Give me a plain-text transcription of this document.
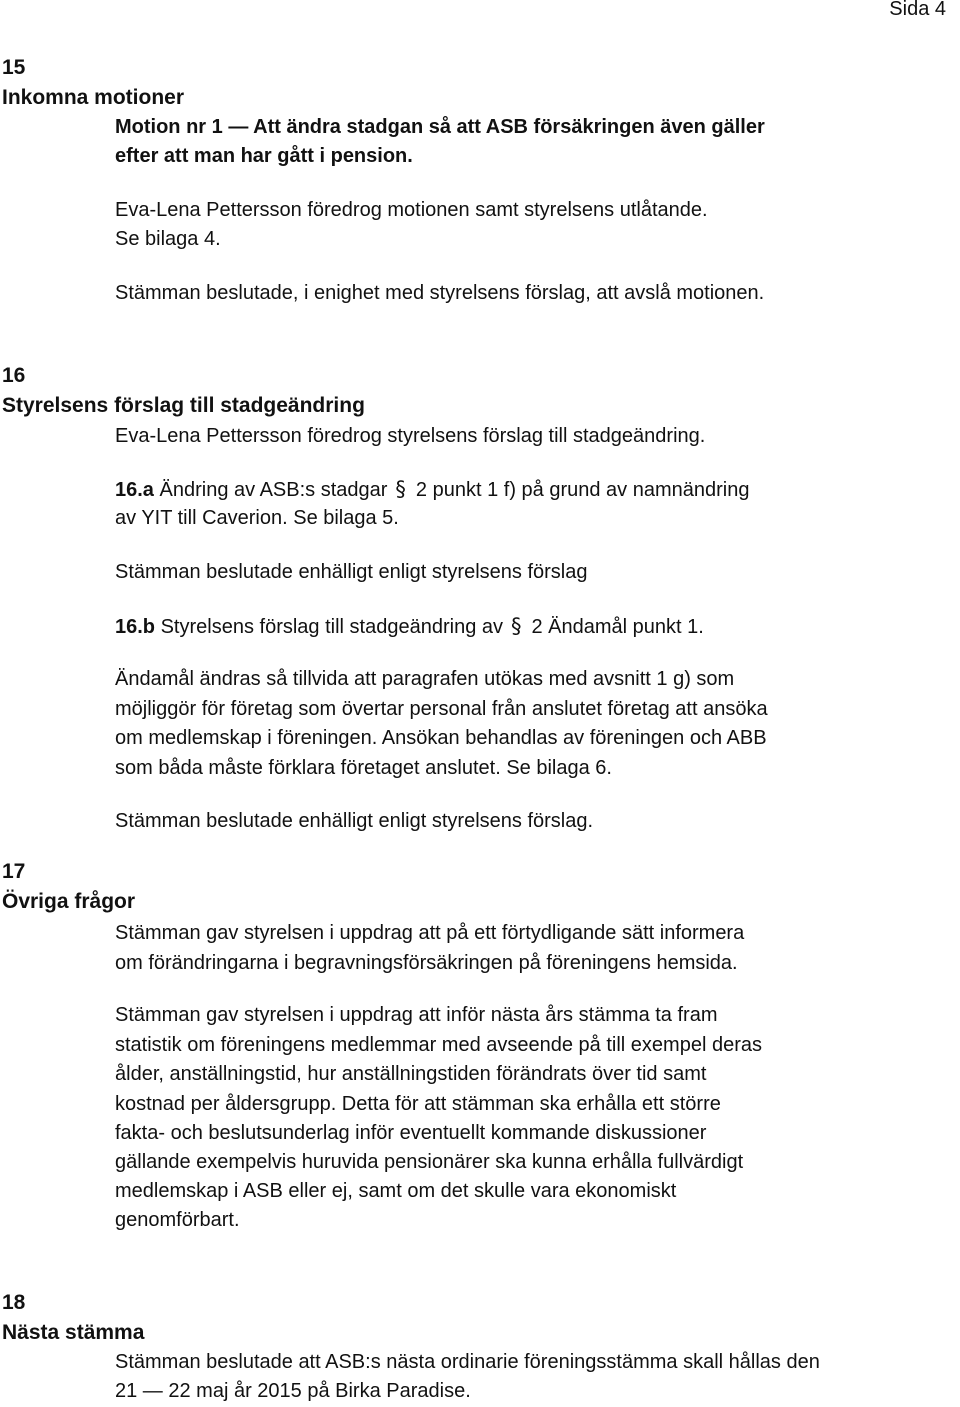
Sida 4
15
Inkomna motioner
Motion nr 1 — Att ändra stadgan så att ASB försäkringen även gäller
efter att man har gått i pension.
Eva-Lena Pettersson föredrog motionen samt styrelsens utlåtande.
Se bilaga 4.
Stämman beslutade, i enighet med styrelsens förslag, att avslå motionen.
16
Styrelsens förslag till stadgeändring
Eva-Lena Pettersson föredrog styrelsens förslag till stadgeändring.
16.a Ändring av ASB:s stadgar § 2 punkt 1 f) på grund av namnändring
av YIT till Caverion. Se bilaga 5.
Stämman beslutade enhälligt enligt styrelsens förslag
16.b Styrelsens förslag till stadgeändring av § 2 Ändamål punkt 1.
Ändamål ändras så tillvida att paragrafen utökas med avsnitt 1 g) som
möjliggör för företag som övertar personal från anslutet företag att ansöka
om medlemskap i föreningen. Ansökan behandlas av föreningen och ABB
som båda måste förklara företaget anslutet. Se bilaga 6.
Stämman beslutade enhälligt enligt styrelsens förslag.
17
Övriga frågor
Stämman gav styrelsen i uppdrag att på ett förtydligande sätt informera
om förändringarna i begravningsförsäkringen på föreningens hemsida.
Stämman gav styrelsen i uppdrag att inför nästa års stämma ta fram
statistik om föreningens medlemmar med avseende på till exempel deras
ålder, anställningstid, hur anställningstiden förändrats över tid samt
kostnad per åldersgrupp. Detta för att stämman ska erhålla ett större
fakta- och beslutsunderlag inför eventuellt kommande diskussioner
gällande exempelvis huruvida pensionärer ska kunna erhålla fullvärdigt
medlemskap i ASB eller ej, samt om det skulle vara ekonomiskt
genomförbart.
18
Nästa stämma
Stämman beslutade att ASB:s nästa ordinarie föreningsstämma skall hållas den
21 — 22 maj år 2015 på Birka Paradise.
